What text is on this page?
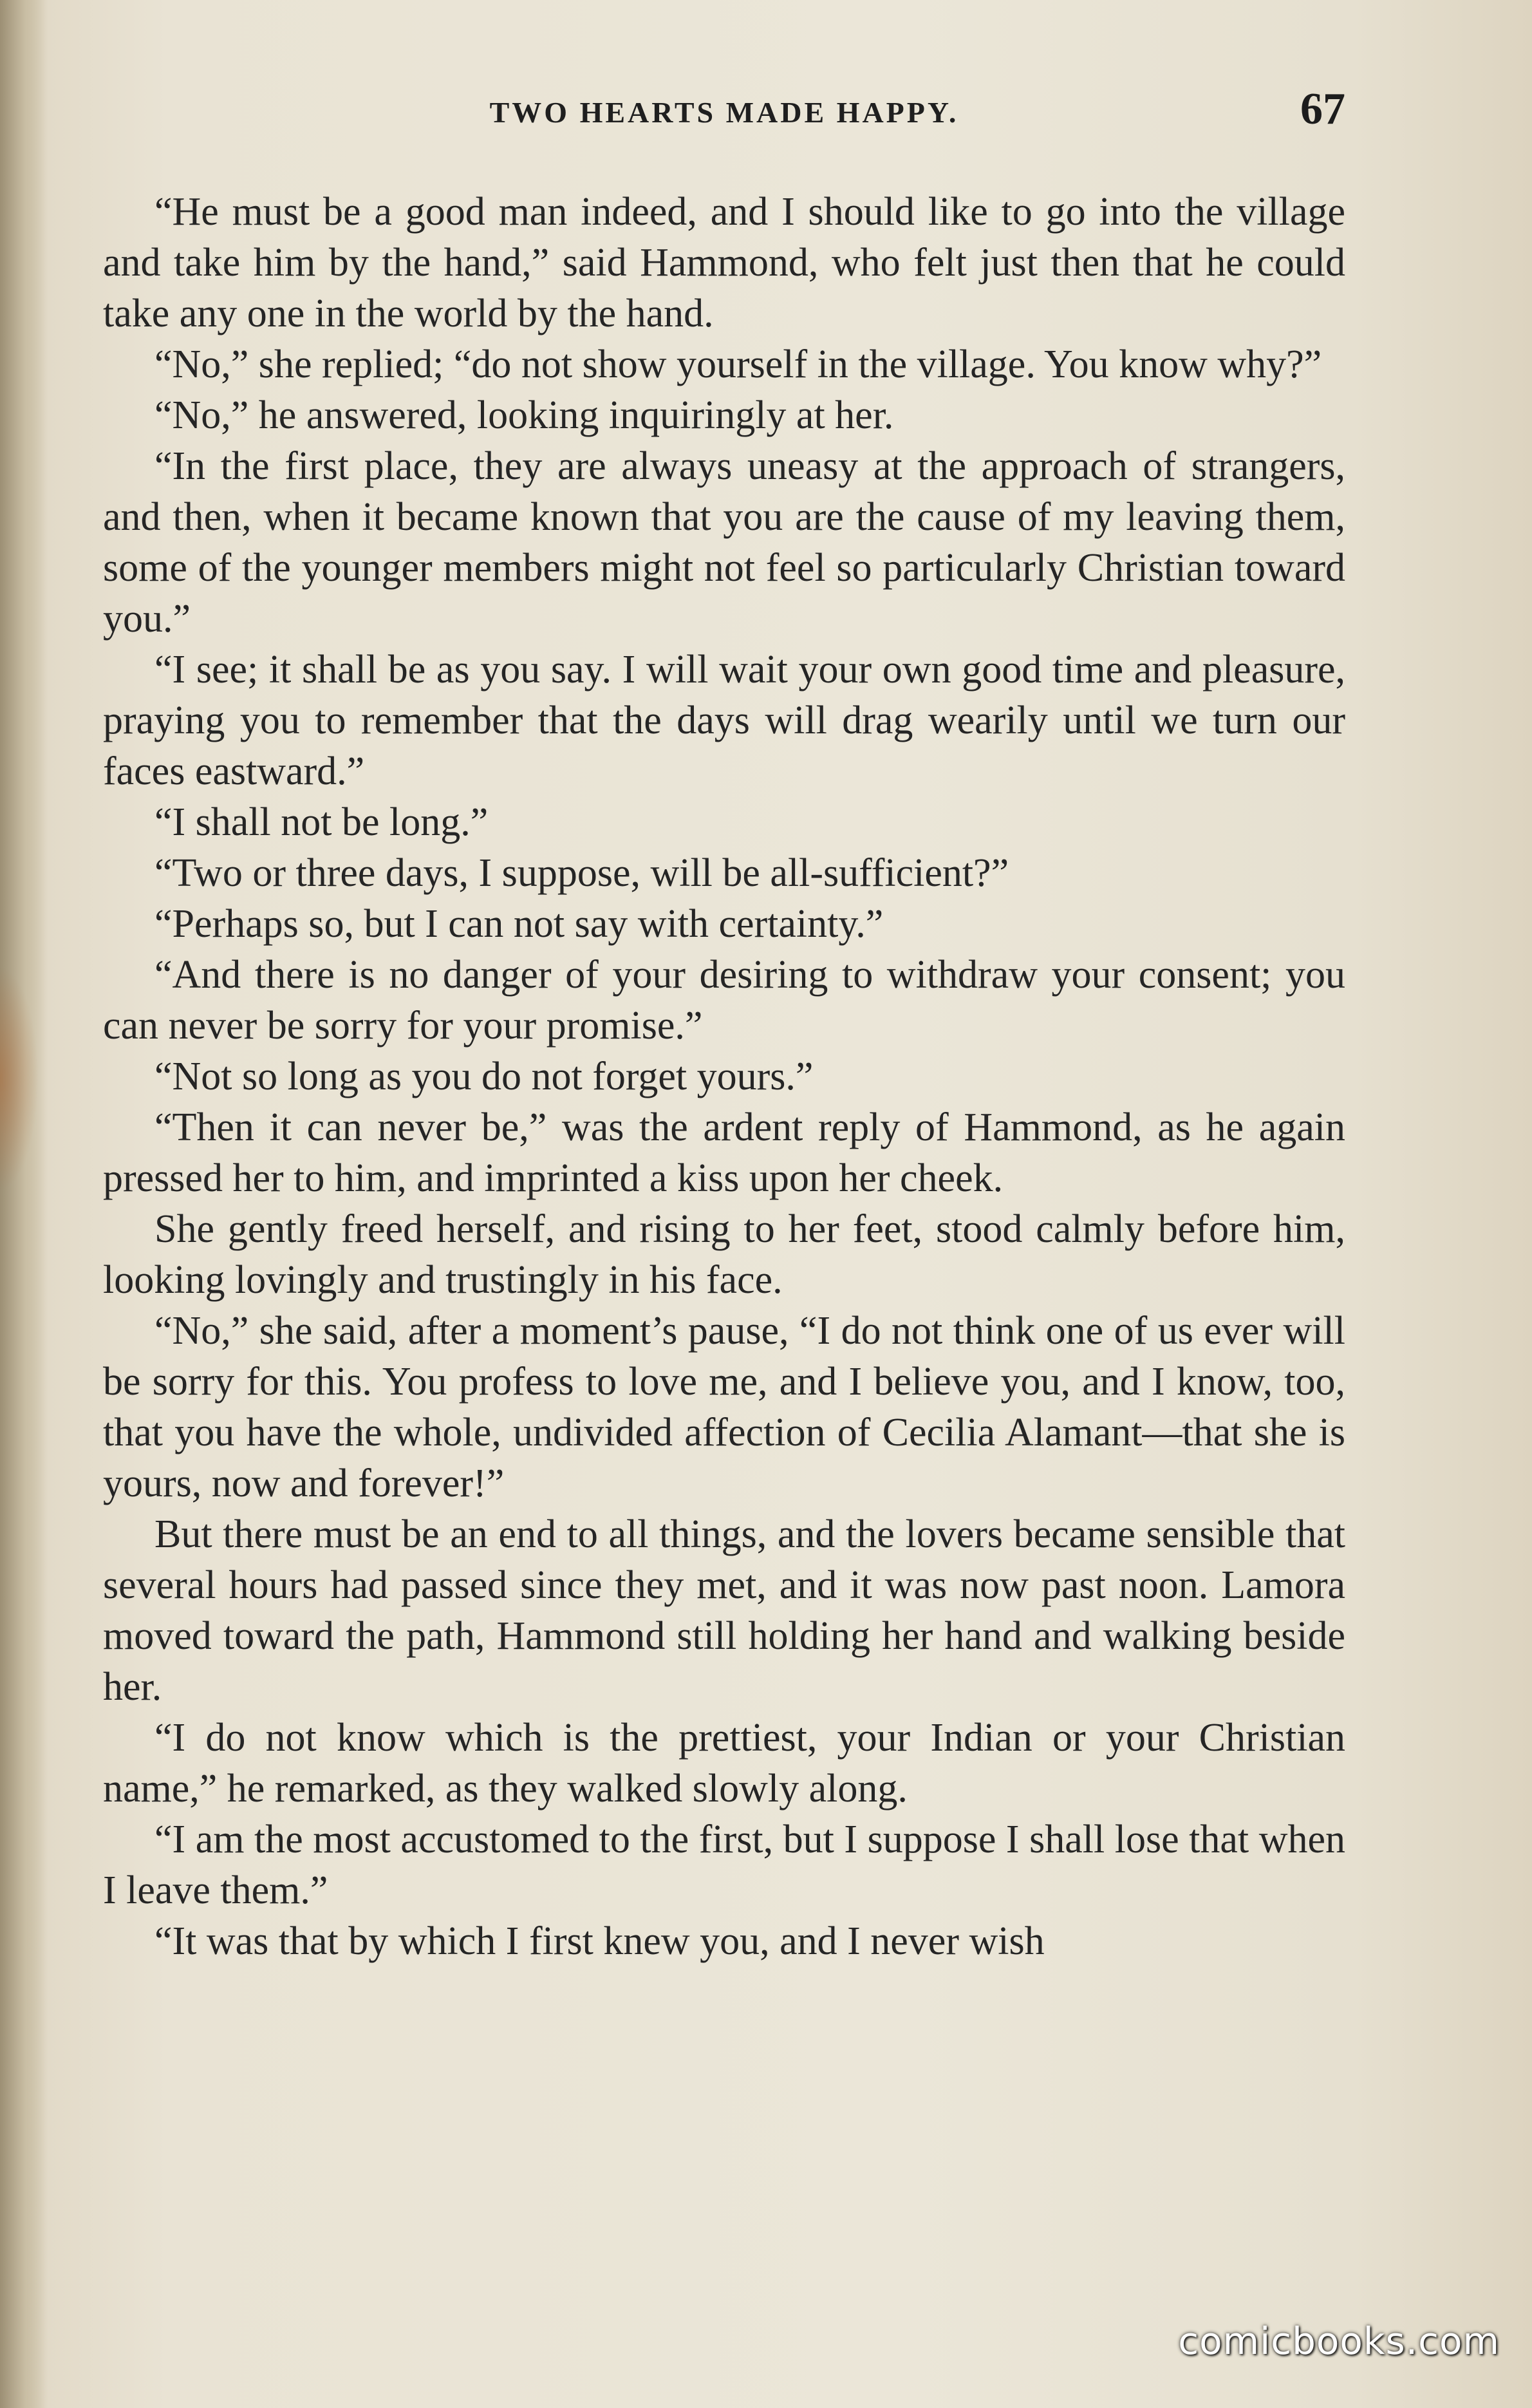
TWO HEARTS MADE HAPPY.	67

“He must be a good man indeed, and I should like to go into the village and take him by the hand,” said Hammond, who felt just then that he could take any one in the world by the hand.

“No,” she replied; “do not show yourself in the village. You know why?”

“No,” he answered, looking inquiringly at her.

“In the first place, they are always uneasy at the approach of strangers, and then, when it became known that you are the cause of my leaving them, some of the younger members might not feel so particularly Christian toward you.”

“I see; it shall be as you say. I will wait your own good time and pleasure, praying you to remember that the days will drag wearily until we turn our faces eastward.”

“I shall not be long.”

“Two or three days, I suppose, will be all-sufficient?”

“Perhaps so, but I can not say with certainty.”

“And there is no danger of your desiring to withdraw your consent; you can never be sorry for your promise.”

“Not so long as you do not forget yours.”

“Then it can never be,” was the ardent reply of Hammond, as he again pressed her to him, and imprinted a kiss upon her cheek.

She gently freed herself, and rising to her feet, stood calmly before him, looking lovingly and trustingly in his face.

“No,” she said, after a moment’s pause, “I do not think one of us ever will be sorry for this. You profess to love me, and I believe you, and I know, too, that you have the whole, undivided affection of Cecilia Alamant—that she is yours, now and forever!”

But there must be an end to all things, and the lovers became sensible that several hours had passed since they met, and it was now past noon. Lamora moved toward the path, Hammond still holding her hand and walking beside her.

“I do not know which is the prettiest, your Indian or your Christian name,” he remarked, as they walked slowly along.

“I am the most accustomed to the first, but I suppose I shall lose that when I leave them.”

“It was that by which I first knew you, and I never wish

comicbooks.com
